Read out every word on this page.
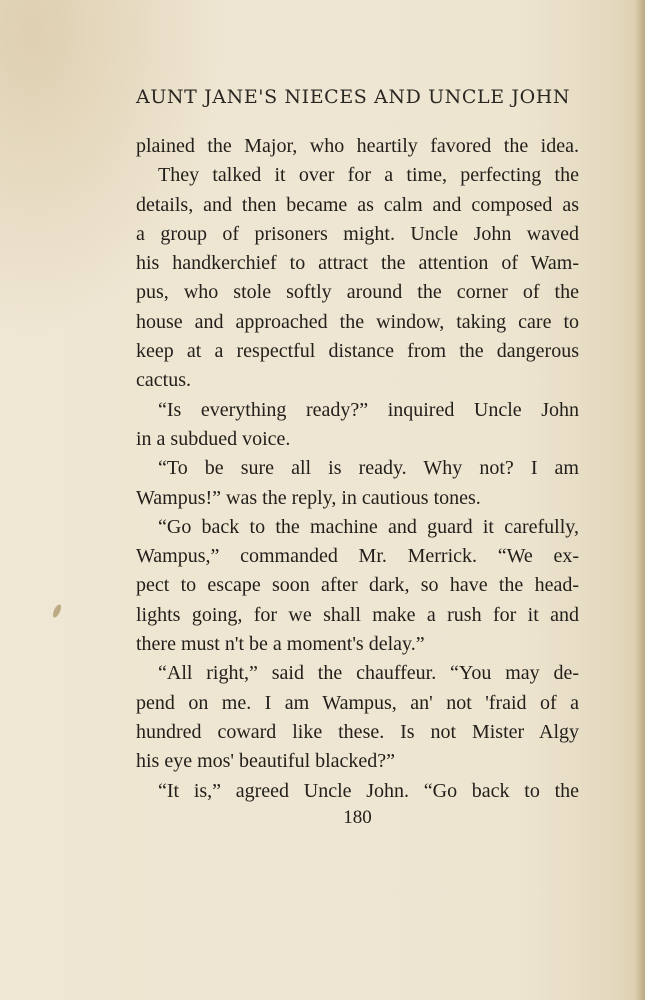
AUNT JANE'S NIECES AND UNCLE JOHN
plained the Major, who heartily favored the idea.
They talked it over for a time, perfecting the
details, and then became as calm and composed as
a group of prisoners might. Uncle John waved
his handkerchief to attract the attention of Wam-
pus, who stole softly around the corner of the
house and approached the window, taking care to
keep at a respectful distance from the dangerous
cactus.
“Is everything ready?” inquired Uncle John
in a subdued voice.
“To be sure all is ready. Why not? I am
Wampus!” was the reply, in cautious tones.
“Go back to the machine and guard it carefully,
Wampus,” commanded Mr. Merrick. “We ex-
pect to escape soon after dark, so have the head-
lights going, for we shall make a rush for it and
there must n't be a moment's delay.”
“All right,” said the chauffeur. “You may de-
pend on me. I am Wampus, an' not 'fraid of a
hundred coward like these. Is not Mister Algy
his eye mos' beautiful blacked?”
“It is,” agreed Uncle John. “Go back to the
180
